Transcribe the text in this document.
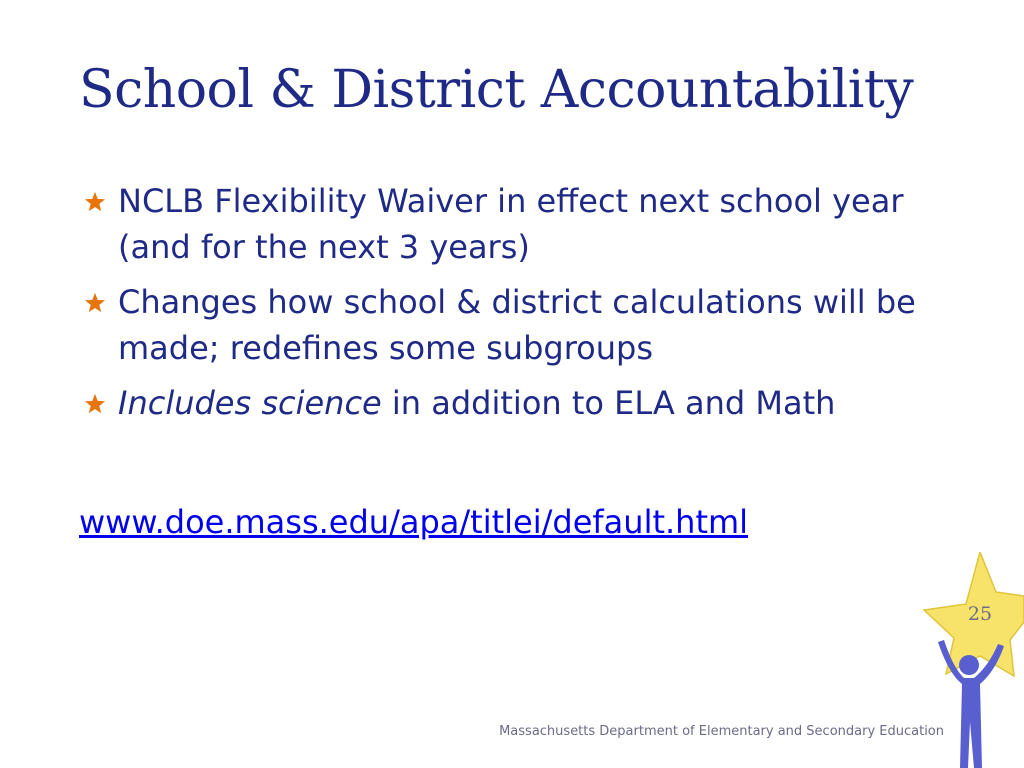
School & District Accountability
NCLB Flexibility Waiver in effect next school year (and for the next 3 years)
Changes how school & district calculations will be made; redefines some subgroups
Includes science in addition to ELA and Math
www.doe.mass.edu/apa/titlei/default.html
25
Massachusetts Department of Elementary and Secondary Education
